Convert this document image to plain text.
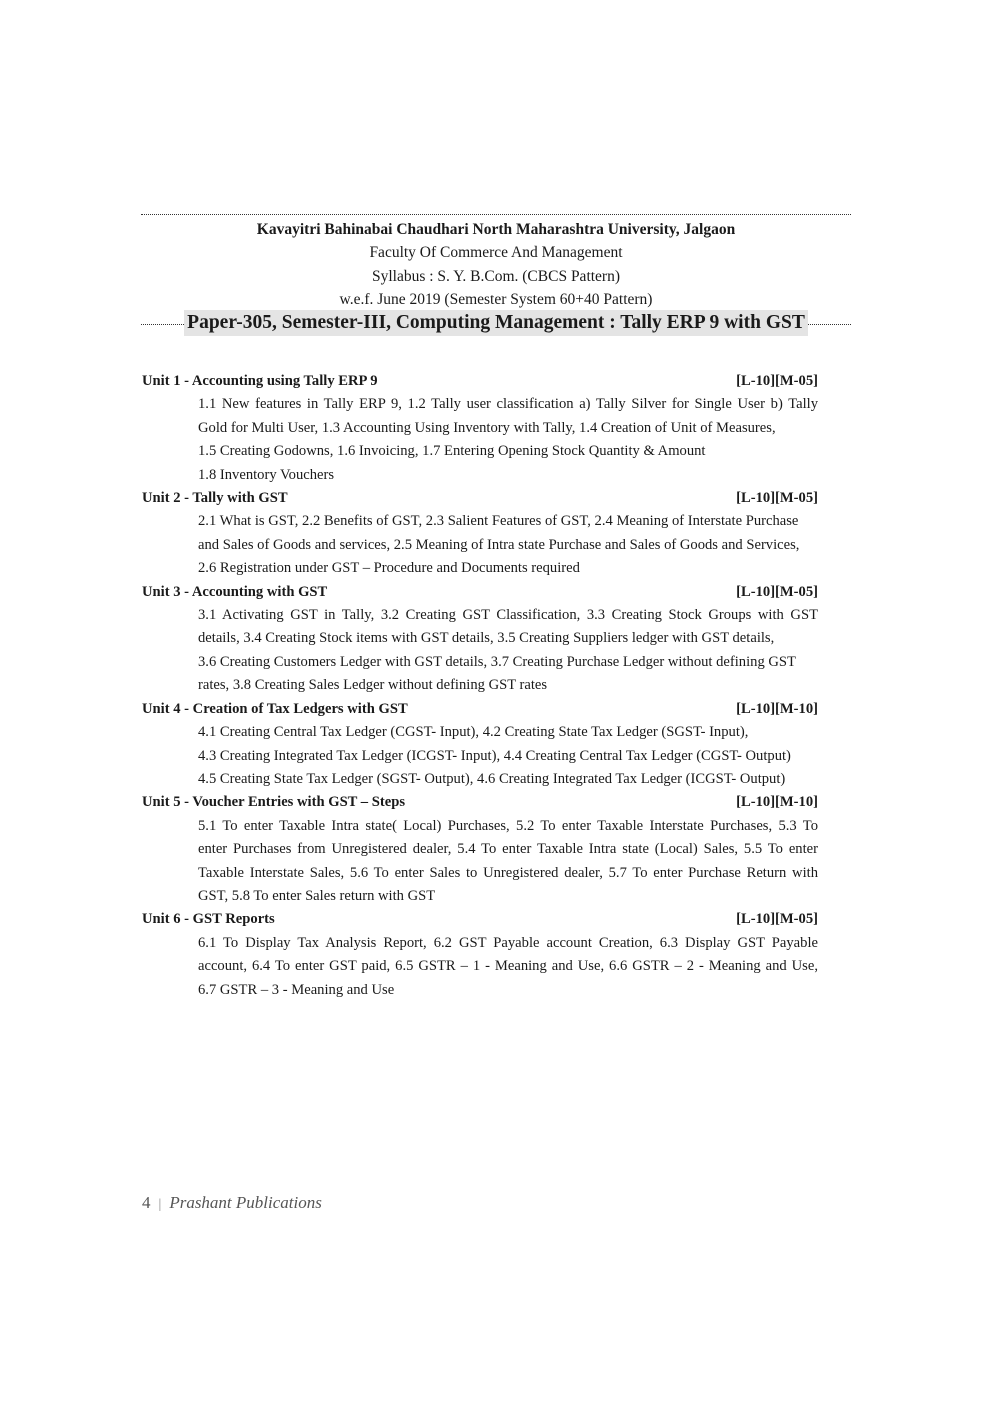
Kavayitri Bahinabai Chaudhari North Maharashtra University, Jalgaon
Faculty Of Commerce And Management
Syllabus : S. Y. B.Com. (CBCS Pattern)
w.e.f. June 2019 (Semester System 60+40 Pattern)
Paper-305, Semester-III, Computing Management : Tally ERP 9 with GST
Unit 1 - Accounting using Tally ERP 9	[L-10][M-05]
1.1 New features in Tally ERP 9, 1.2 Tally user classification a) Tally Silver for Single User b) Tally
Gold for Multi User, 1.3 Accounting Using Inventory with Tally, 1.4 Creation of Unit of Measures,
1.5 Creating Godowns, 1.6 Invoicing, 1.7 Entering Opening Stock Quantity & Amount
1.8 Inventory Vouchers
Unit 2 - Tally with GST	[L-10][M-05]
2.1 What is GST, 2.2 Benefits of GST, 2.3 Salient Features of GST, 2.4 Meaning of Interstate Purchase
and Sales of Goods and services, 2.5 Meaning of Intra state Purchase and Sales of Goods and Services,
2.6 Registration under GST – Procedure and Documents required
Unit 3 - Accounting with GST	[L-10][M-05]
3.1 Activating GST in Tally, 3.2 Creating GST Classification, 3.3 Creating Stock Groups with GST
details, 3.4 Creating Stock items with GST details, 3.5 Creating Suppliers ledger with GST details,
3.6 Creating Customers Ledger with GST details, 3.7 Creating Purchase Ledger without defining GST
rates, 3.8 Creating Sales Ledger without defining GST rates
Unit 4 - Creation of Tax Ledgers with GST	[L-10][M-10]
4.1 Creating Central Tax Ledger (CGST- Input), 4.2 Creating State Tax Ledger (SGST- Input),
4.3 Creating Integrated Tax Ledger (ICGST- Input), 4.4 Creating Central Tax Ledger (CGST- Output)
4.5 Creating State Tax Ledger (SGST- Output), 4.6 Creating Integrated Tax Ledger (ICGST- Output)
Unit 5 - Voucher Entries with GST – Steps	[L-10][M-10]
5.1 To enter Taxable Intra state( Local) Purchases, 5.2 To enter Taxable Interstate Purchases, 5.3 To
enter Purchases from Unregistered dealer, 5.4 To enter Taxable Intra state (Local) Sales, 5.5 To enter
Taxable Interstate Sales, 5.6 To enter Sales to Unregistered dealer, 5.7 To enter Purchase Return with
GST, 5.8 To enter Sales return with GST
Unit 6 - GST Reports	[L-10][M-05]
6.1 To Display Tax Analysis Report, 6.2 GST Payable account Creation, 6.3 Display GST Payable
account, 6.4 To enter GST paid, 6.5 GSTR – 1 - Meaning and Use, 6.6 GSTR – 2 - Meaning and Use,
6.7 GSTR – 3 - Meaning and Use
4 | Prashant Publications
